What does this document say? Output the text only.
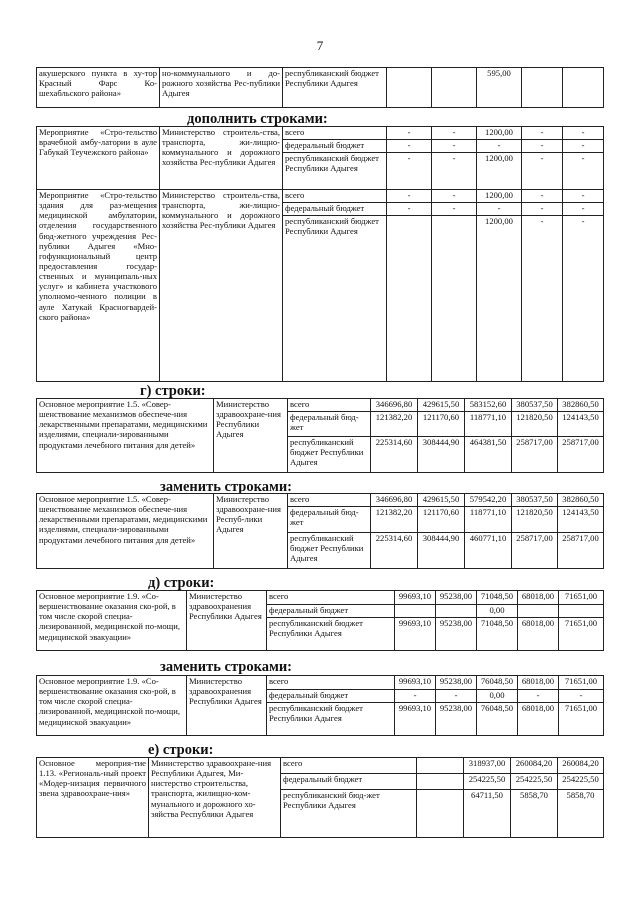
7
акушерского пункта в ху-тор Красный Фарс Ко-шехабльского района»	но-коммунального и до-рожного хозяйства Рес-публики Адыгея	республиканский бюджет Республики Адыгея			595,00		
дополнить строками:
Мероприятие «Стро-тельство врачебной амбу-латории в ауле Габукай Теучежского района»	Министерство строитель-ства, транспорта, жи-лищно-коммунального и дорожного хозяйства Рес-публики Адыгея	всего	-	-	1200,00	-	-
		федеральный бюджет	-	-	-	-	-
		республиканский бюджет Республики Адыгея	-	-	1200,00	-	-
Мероприятие «Стро-тельство здания для раз-мещения медицинской амбулатории, отделения государственного бюд-жетного учреждения Рес-публики Адыгея «Мно-гофункциональный центр предоставления государ-ственных и муниципаль-ных услуг» и кабинета участкового уполномо-ченного полиции в ауле Хатукай Красногвардей-ского района»	Министерство строитель-ства, транспорта, жи-лищно-коммунального и дорожного хозяйства Рес-публики Адыгея	всего	-	-	1200,00	-	-
		федеральный бюджет	-	-	-	-	-
		республиканский бюджет Республики Адыгея			1200,00	-	-
г) строки:
Основное мероприятие 1.5. «Совер-шенствование механизмов обеспече-ния лекарственными препаратами, медицинскими изделиями, специали-зированными продуктами лечебного питания для детей»	Министерство здравоохране-ния Республики Адыгея	всего	346696,80	429615,50	583152,60	380537,50	382860,50
		федеральный бюд-жет	121382,20	121170,60	118771,10	121820,50	124143,50
		республиканский бюджет Республики Адыгея	225314,60	308444,90	464381,50	258717,00	258717,00
заменить строками:
Основное мероприятие 1.5. «Совер-шенствование механизмов обеспече-ния лекарственными препаратами, медицинскими изделиями, специали-зированными продуктами лечебного питания для детей»	Министерство здравоохране-ния Респуб-лики Адыгея	всего	346696,80	429615,50	579542,20	380537,50	382860,50
		федеральный бюд-жет	121382,20	121170,60	118771,10	121820,50	124143,50
		республиканский бюджет Республики Адыгея	225314,60	308444,90	460771,10	258717,00	258717,00
д) строки:
Основное мероприятие 1.9. «Со-вершенствование оказания ско-рой, в том числе скорой специа-лизированной, медицинской по-мощи, медицинской эвакуации»	Министерство здравоохранения Республики Адыгея	всего	99693,10	95238,00	71048,50	68018,00	71651,00
		федеральный бюджет			0,00		
		республиканский бюджет Республики Адыгея	99693,10	95238,00	71048,50	68018,00	71651,00
заменить строками:
Основное мероприятие 1.9. «Со-вершенствование оказания ско-рой, в том числе скорой специа-лизированной, медицинской по-мощи, медицинской эвакуации»	Министерство здравоохранения Республики Адыгея	всего	99693,10	95238,00	76048,50	68018,00	71651,00
		федеральный бюджет	-	-	0,00	-	-
		республиканский бюджет Республики Адыгея	99693,10	95238,00	76048,50	68018,00	71651,00
е) строки:
Основное мероприя-тие 1.13. «Региональ-ный проект «Модер-низация первичного звена здравоохране-ния»	Министерство здравоохране-ния Республики Адыгея, Ми-нистерство строительства, транспорта, жилищно-ком-мунального и дорожного хо-зяйства Республики Адыгея	всего		318937,00	260084,20	260084,20
		федеральный бюджет		254225,50	254225,50	254225,50
		республиканский бюд-жет Республики Адыгея		64711,50	5858,70	5858,70
